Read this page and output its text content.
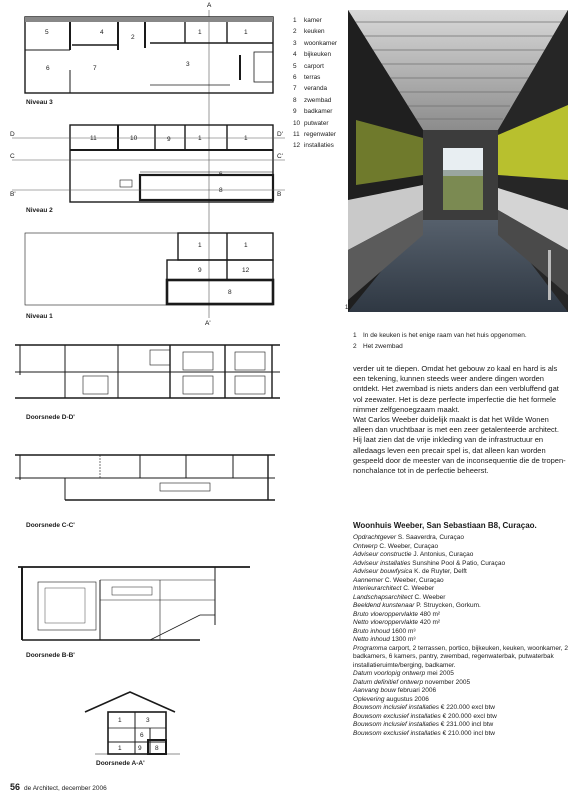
A
A'
5	4
2
1	1
6	7
3
D	D'
C	C'
B'	B
11	10	9	1	1
6
8
1	1
9	12
8
1	3
6
1	9 8
Niveau 3
Niveau 2
Niveau 1
Doorsnede D-D'
Doorsnede C-C'
Doorsnede B-B'
Doorsnede A-A'
1 kamer
2 keuken
3 woonkamer
4 bijkeuken
5 carport
6 terras
7 veranda
8 zwembad
9 badkamer
10 putwater
11 regenwater
12 installaties
1
1 In de keuken is het enige raam van het huis opgenomen.
2 Het zwembad

verder uit te diepen. Omdat het gebouw zo kaal en hard is als een tekening, kunnen steeds weer andere dingen worden ontdekt. Het zwembad is niets anders dan een verbluffend gat vol zeewater. Het is deze perfecte imperfectie die het formele nimmer zelfgenoegzaam maakt.

Wat Carlos Weeber duidelijk maakt is dat het Wilde Wonen alleen dan vruchtbaar is met een zeer getalenteerde architect. Hij laat zien dat de vrije inkleding van de infrastructuur en alledaags leven een precair spel is, dat alleen kan worden gespeeld door de meester van de inconsequentie die de tropen-nonchalance tot in de perfectie beheerst.

Woonhuis Weeber, San Sebastiaan B8, Curaçao.
Opdrachtgever S. Saaverdra, Curaçao
Ontwerp C. Weeber, Curaçao
Adviseur constructie J. Antonius, Curaçao
Adviseur installaties Sunshine Pool & Patio, Curaçao
Adviseur bouwfysica K. de Ruyter, Delft
Aannemer C. Weeber, Curaçao
Interieurarchitect C. Weeber
Landschapsarchitect C. Weeber
Beeldend kunstenaar P. Struycken, Gorkum.
Bruto vloeroppervlakte 480 m²
Netto vloeroppervlakte 420 m²
Bruto inhoud 1600 m³
Netto inhoud 1300 m³
Programma carport, 2 terrassen, portico, bijkeuken, keuken, woonkamer, 2 badkamers, 6 kamers, pantry, zwembad, regenwaterbak, putwaterbak installatieruimte/berging, badkamer.
Datum voorlopig ontwerp mei 2005
Datum definitief ontwerp november 2005
Aanvang bouw februari 2006
Oplevering augustus 2006
Bouwsom inclusief installaties € 220.000 excl btw
Bouwsom exclusief installaties € 200.000 excl btw
Bouwsom inclusief installaties € 231.000 incl btw
Bouwsom exclusief installaties € 210.000 incl btw
56 de Architect, december 2006
